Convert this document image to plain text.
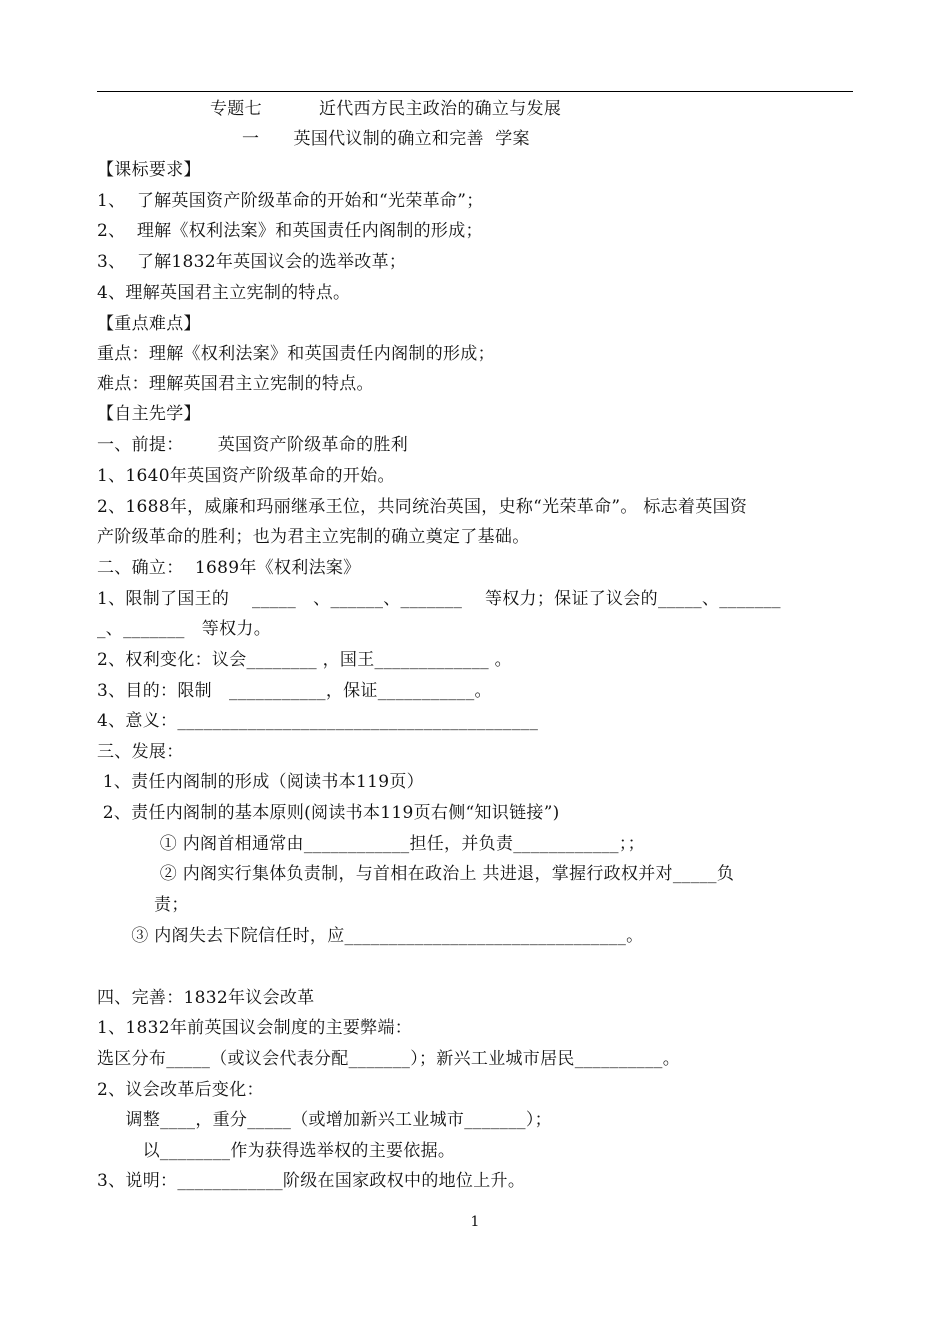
专题七          近代西方民主政治的确立与发展
一      英国代议制的确立和完善  学案
【课标要求】
1、  了解英国资产阶级革命的开始和“光荣革命”；
2、  理解《权利法案》和英国责任内阁制的形成；
3、  了解1832年英国议会的选举改革；
4、理解英国君主立宪制的特点。
【重点难点】
重点：理解《权利法案》和英国责任内阁制的形成；
难点：理解英国君主立宪制的特点。
【自主先学】
一、前提：      英国资产阶级革命的胜利
1、1640年英国资产阶级革命的开始。
2、1688年，威廉和玛丽继承王位，共同统治英国，史称“光荣革命”。 标志着英国资
产阶级革命的胜利；也为君主立宪制的确立奠定了基础。
二、确立：  1689年《权利法案》
1、限制了国王的    _____   、______、_______    等权力；保证了议会的_____、_______
_、_______   等权力。
2、权利变化：议会________ ，国王_____________ 。
3、目的：限制   ___________，保证___________。
4、意义：_________________________________________
三、发展：
1、责任内阁制的形成（阅读书本119页）
2、责任内阁制的基本原则(阅读书本119页右侧“知识链接”)
① 内阁首相通常由____________担任，并负责____________；；
② 内阁实行集体负责制，与首相在政治上 共进退，掌握行政权并对_____负
责；
③ 内阁失去下院信任时，应________________________________。
四、完善：1832年议会改革
1、1832年前英国议会制度的主要弊端：
选区分布_____（或议会代表分配_______）；新兴工业城市居民__________。
2、议会改革后变化：
调整____，重分_____（或增加新兴工业城市_______）；
以________作为获得选举权的主要依据。
3、说明：____________阶级在国家政权中的地位上升。
1
